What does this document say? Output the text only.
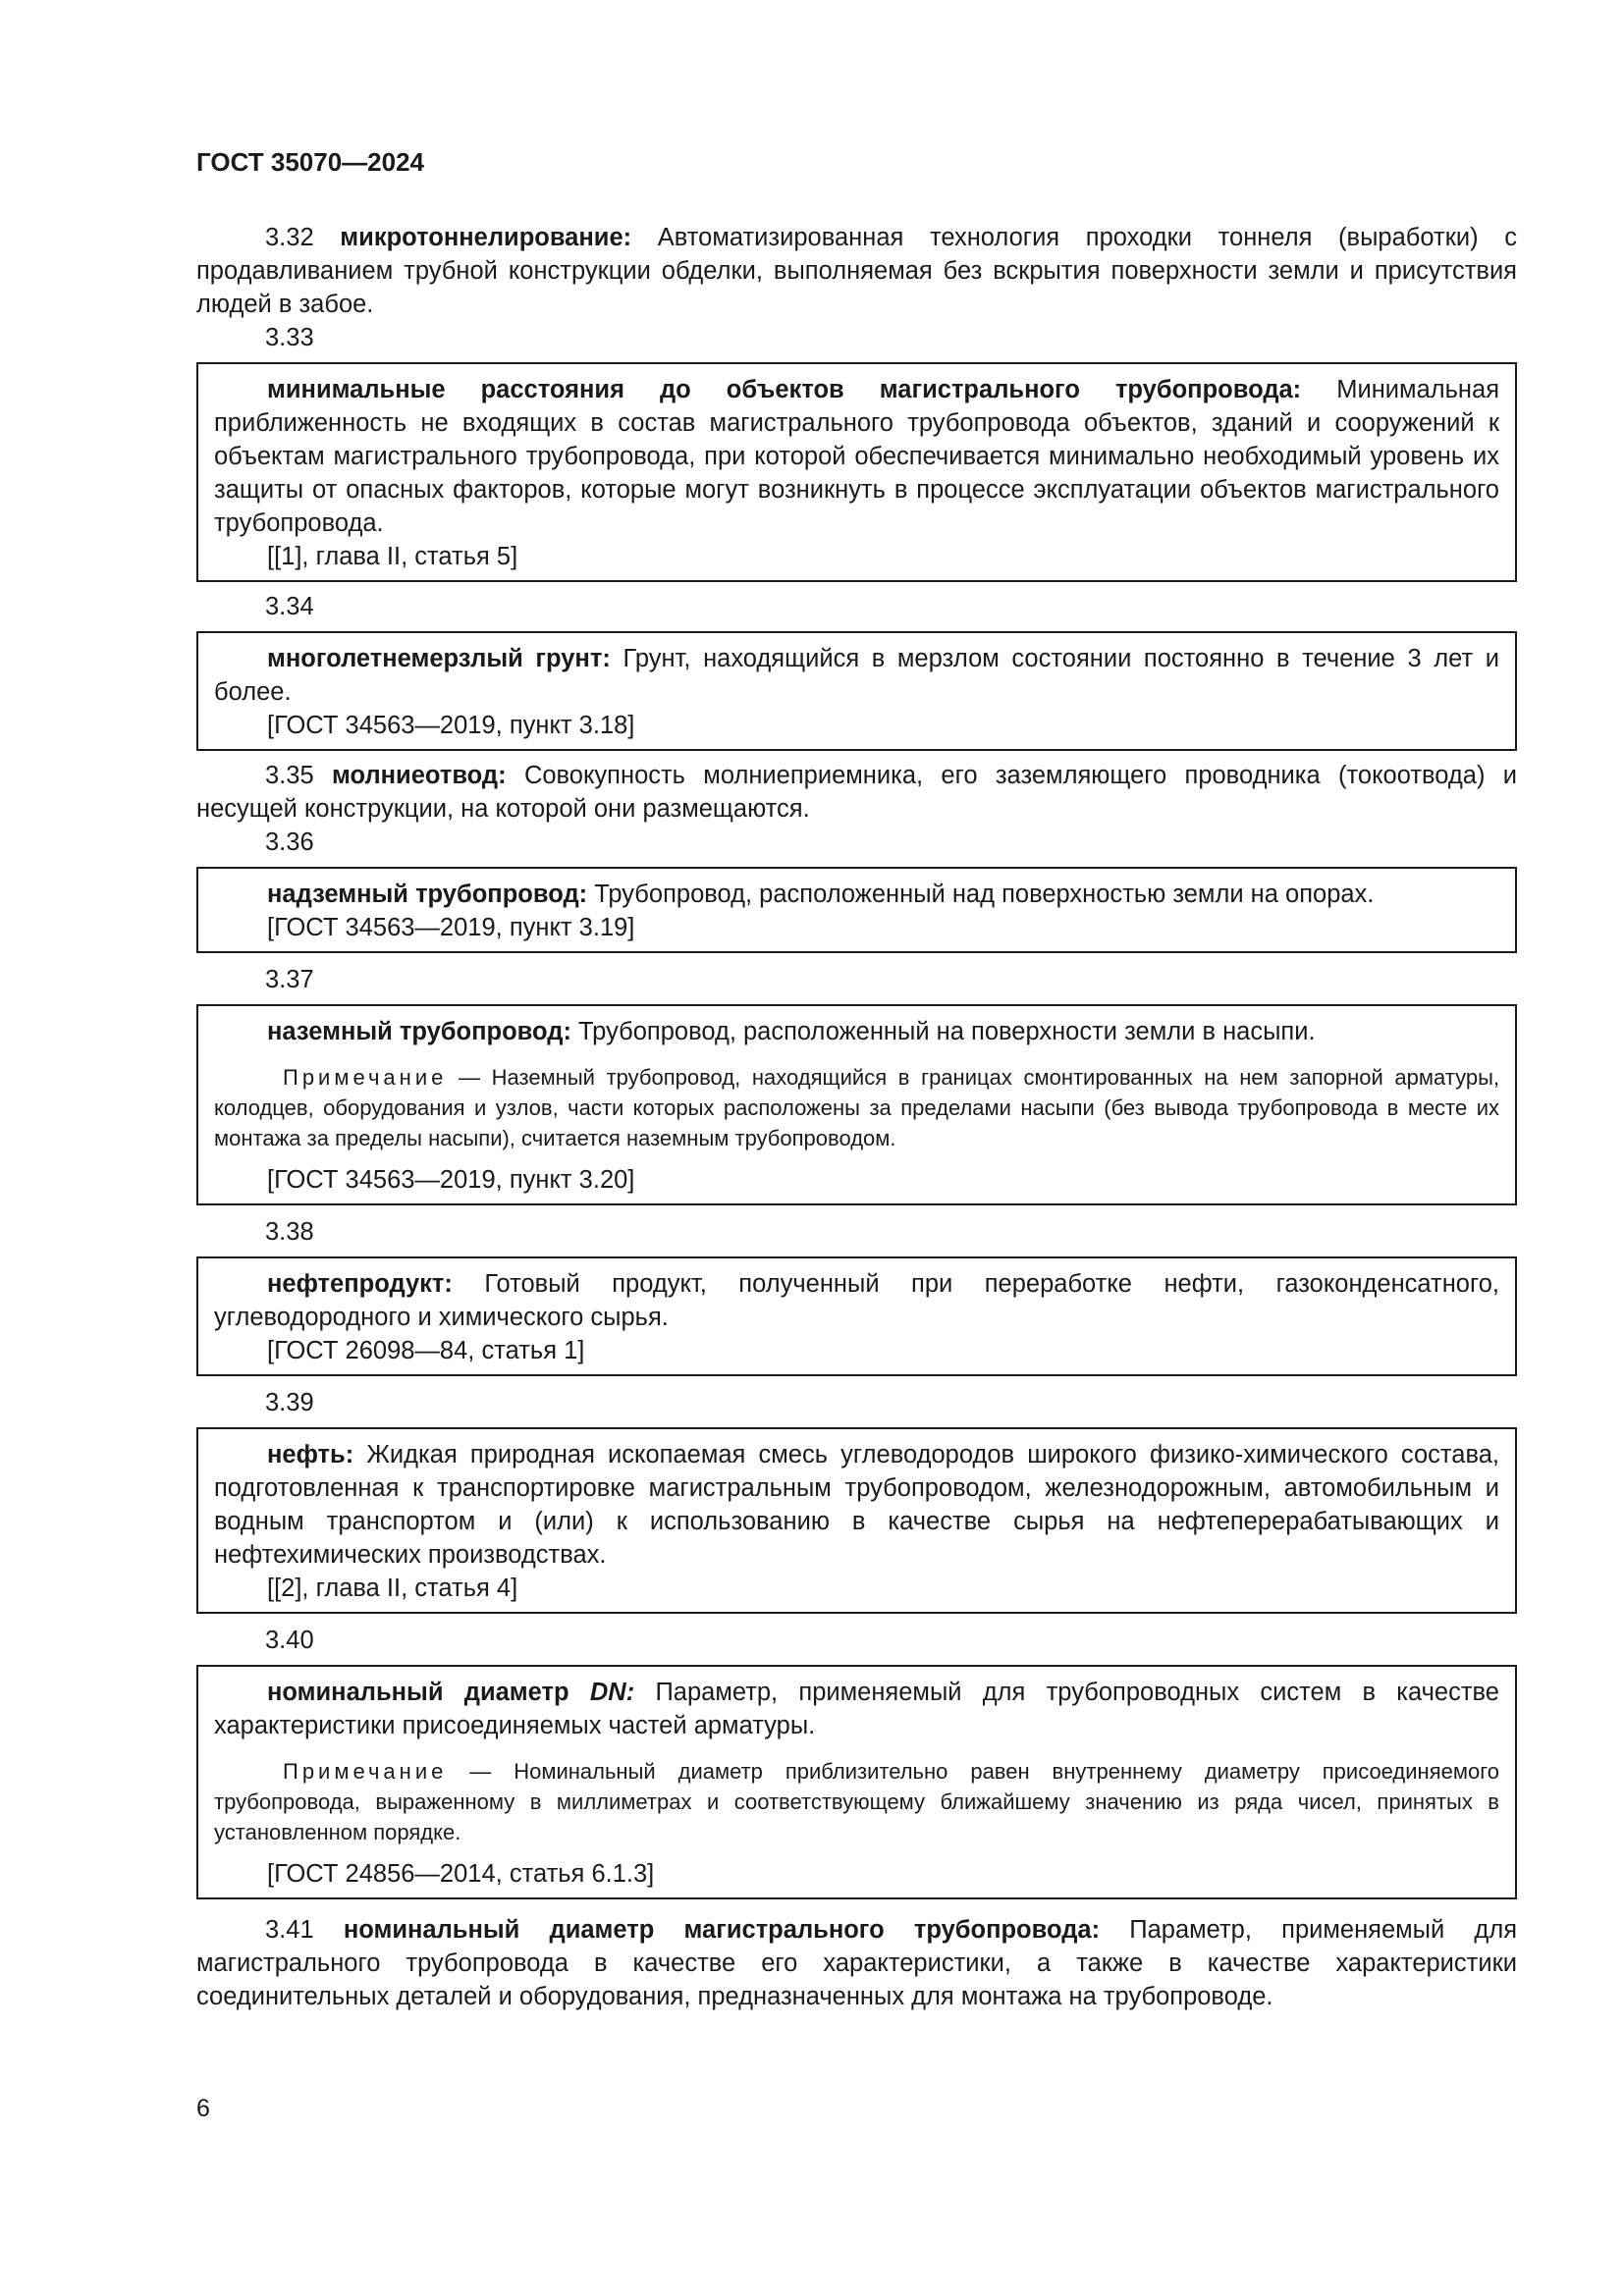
ГОСТ 35070—2024

3.32 микротоннелирование: Автоматизированная технология проходки тоннеля (выработки) с продавливанием трубной конструкции обделки, выполняемая без вскрытия поверхности земли и присутствия людей в забое.

3.33

минимальные расстояния до объектов магистрального трубопровода: Минимальная приближенность не входящих в состав магистрального трубопровода объектов, зданий и сооружений к объектам магистрального трубопровода, при которой обеспечивается минимально необходимый уровень их защиты от опасных факторов, которые могут возникнуть в процессе эксплуатации объектов магистрального трубопровода.

[[1], глава II, статья 5]

3.34

многолетнемерзлый грунт: Грунт, находящийся в мерзлом состоянии постоянно в течение 3 лет и более.

[ГОСТ 34563—2019, пункт 3.18]

3.35 молниеотвод: Совокупность молниеприемника, его заземляющего проводника (токоотвода) и несущей конструкции, на которой они размещаются.

3.36

надземный трубопровод: Трубопровод, расположенный над поверхностью земли на опорах.

[ГОСТ 34563—2019, пункт 3.19]

3.37

наземный трубопровод: Трубопровод, расположенный на поверхности земли в насыпи.

Примечание — Наземный трубопровод, находящийся в границах смонтированных на нем запорной арматуры, колодцев, оборудования и узлов, части которых расположены за пределами насыпи (без вывода трубопровода в месте их монтажа за пределы насыпи), считается наземным трубопроводом.

[ГОСТ 34563—2019, пункт 3.20]

3.38

нефтепродукт: Готовый продукт, полученный при переработке нефти, газоконденсатного, углеводородного и химического сырья.

[ГОСТ 26098—84, статья 1]

3.39

нефть: Жидкая природная ископаемая смесь углеводородов широкого физико-химического состава, подготовленная к транспортировке магистральным трубопроводом, железнодорожным, автомобильным и водным транспортом и (или) к использованию в качестве сырья на нефтеперерабатывающих и нефтехимических производствах.

[[2], глава II, статья 4]

3.40

номинальный диаметр DN: Параметр, применяемый для трубопроводных систем в качестве характеристики присоединяемых частей арматуры.

Примечание — Номинальный диаметр приблизительно равен внутреннему диаметру присоединяемого трубопровода, выраженному в миллиметрах и соответствующему ближайшему значению из ряда чисел, принятых в установленном порядке.

[ГОСТ 24856—2014, статья 6.1.3]

3.41 номинальный диаметр магистрального трубопровода: Параметр, применяемый для магистрального трубопровода в качестве его характеристики, а также в качестве характеристики соединительных деталей и оборудования, предназначенных для монтажа на трубопроводе.

6
